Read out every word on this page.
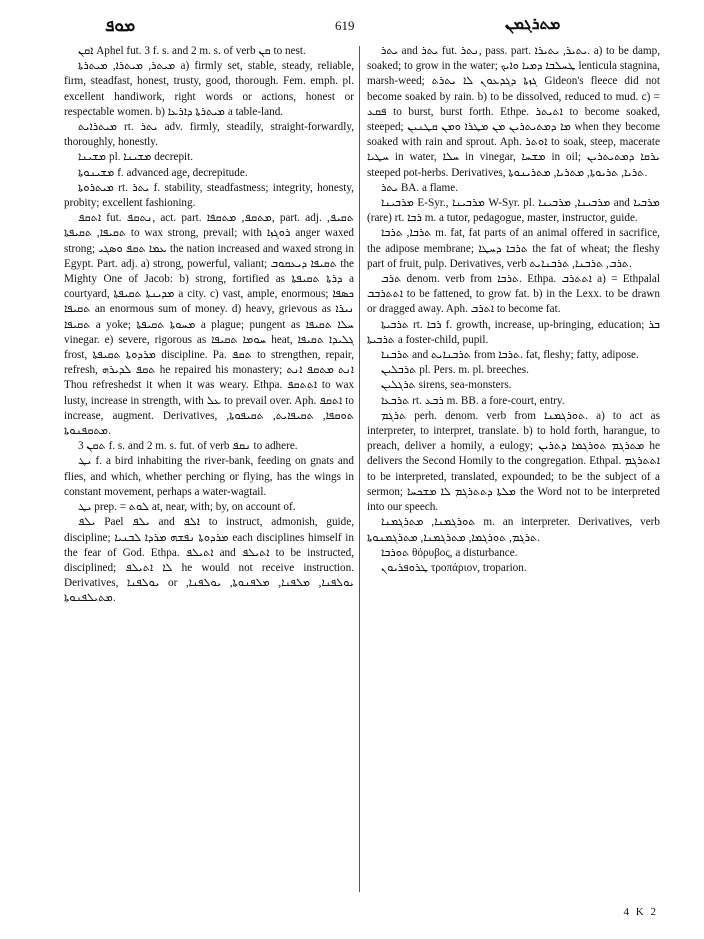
ܡܘܦ	619	ܡܬܪܓܡܢ

ܐܩܢ Aphel fut. 3 f. s. and 2 m. s. of verb ܩܢ to nest.

ܡܝܬܪ, ܡܝܬܪܐ, ܡܝܬܪܬܐ a) firmly set, stable, steady, reliable, firm, steadfast, honest, trusty, good, thorough. Fem. emph. pl. excellent handiwork, right words or actions, honest or respectable women. b) ܡܝܬܪܬܐ ܕܐܪܥܐ a table-land.

ܡܝܬܪܐܝܬ rt. ܝܬܪ adv. firmly, steadily, straight-forwardly, thoroughly, honestly.

ܡܫܝܢܐ pl. ܡܫܝܢܐ decrepit.

ܡܫܝܢܘܬܐ f. advanced age, decrepitude.

ܡܝܬܪܘܬܐ rt. ܝܬܪ f. stability, steadfastness; integrity, honesty, probity; excellent fashioning.

ܐܬܩܦ fut. ܢܬܩܦ, act. part. ܡܬܩܦ, ܡܬܩܦܐ, part. adj. ܬܩܝܦ, ܬܩܝܦܐ, ܬܩܝܦܬܐ to wax strong, prevail; with ܪܘܓܙܐ anger waxed strong; ܥܡܐ ܬܩܦ ܘܣܓܝ the nation increased and waxed strong in Egypt. Part. adj. a) strong, powerful, valiant; ܬܩܝܦܐ ܕܝܥܩܘܒ the Mighty One of Jacob: b) strong, fortified as ܕܪܬܐ ܬܩܝܦܬܐ a courtyard, ܡܕܝܢܬܐ ܬܩܝܦܬܐ a city. c) vast, ample, enormous; ܟܣܦܐ ܬܩܝܦܐ an enormous sum of money. d) heavy, grievous as ܢܝܪܐ ܬܩܝܦܐ a yoke; ܡܚܘܬܐ ܬܩܝܦܬܐ a plague; pungent as ܚܠܐ ܬܩܝܦܐ vinegar. e) severe, rigorous as ܚܘܡܐ ܬܩܝܦܐ heat, ܓܠܝܕܐ ܬܩܝܦܐ frost, ܡܪܕܘܬܐ ܬܩܝܦܬܐ discipline. Pa. ܬܩܦ to strengthen, repair, refresh, ܬܩܦ ܠܕܝܪܗ he repaired his monastery; ܐܢܬ ܡܬܩܦ ܐܢܬ Thou refreshedst it when it was weary. Ethpa. ܐܬܬܩܦ to wax lusty, increase in strength, with ܥܠ to prevail over. Aph. ܐܬܩܦ to increase, augment. Derivatives, ܬܘܩܦܐ, ܬܩܝܦܐܝܬ, ܬܩܝܦܘܬܐ, ܡܬܩܦܢܘܬܐ.

ܬܩܢ 3 f. s. and 2 m. s. fut. of verb ܢܩܦ to adhere.

ܝܛ f. a bird inhabiting the river-bank, feeding on gnats and flies, and which, whether perching or flying, has the wings in constant movement, perhaps a water-wagtail.

ܝܛ prep. = ܠܘܬ at, near, with; by, on account of.

ܝܠܦ Pael ܝܠܦ and ܐܠܦ to instruct, admonish, guide, discipline; ܡܪܕܘܬܐ ܢܦܫܗ ܡܪܕܐ ܠܒܢܝܐ each disciplines himself in the fear of God. Ethpa. ܐܬܝܠܦ and ܐܬܝܠܦ to be instructed, disciplined; ܠܐ ܐܬܝܠܦ he would not receive instruction. Derivatives, ܝܘܠܦܢܐ or ܝܘܠܦܢܐ, ܡܠܦܢܐ, ܡܠܦܢܘܬܐ, ܝܘܠܦܢܐ, ܡܬܝܠܦܢܘܬܐ.

ܝܬܪ and ܝܬܪ fut. ܢܬܪ, pass. part. ܝܬܝܪ, ܝܬܝܪܐ. a) to be damp, soaked; to grow in the water; ܛܚܠܒܐ ܕܡܝܐ ܘܐܝܟ lenticula stagnina, marsh-weed; ܓܙܬܐ ܕܓܕܥܘܢ ܠܐ ܝܬܪܬ Gideon's fleece did not become soaked by rain. b) to be dissolved, reduced to mud. c) = ܦܩܥ to burst, burst forth. Ethpe. ܐܬܝܬܪ to become soaked, steeped; ܡܐ ܕܡܬܝܬܪܝܢ ܡܢ ܡܛܪܐ ܘܡܢ ܩܛܢܝܢ when they become soaked with rain and sprout. Aph. ܐܘܬܪ to soak, steep, macerate ܚܛܝܐ in water, ܚܠܐ in vinegar, ܡܫܚܐ in oil; ܝܪܩܐ ܕܡܬܝܬܪܝܢ steeped pot-herbs. Derivatives, ܬܪܝܐ, ܬܪܝܘܬܐ, ܡܬܪܝܐ, ܡܬܪܝܢܘܬܐ.

ܝܬܪ BA. a flame.

ܡܪܒܝܢܐ E-Syr., ܡܪܒܝܢܐ W-Syr. pl. ܡܪܒܝܢܐ, ܡܪܒܝܢܐ and ܡܪܒܝܐ (rare) rt. ܪܒܐ m. a tutor, pedagogue, master, instructor, guide.

ܬܪܒܐ, ܬܪܒܐ m. fat, fat parts of an animal offered in sacrifice, the adipose membrane; ܬܪܒܐ ܕܚܛܐ the fat of wheat; the fleshy part of fruit, pulp. Derivatives, verb ܬܪܒ, ܬܪܒܢܐ, ܬܪܒܢܐܝܬ.

ܬܪܒ denom. verb from ܬܪܒܐ. Ethpa. ܐܬܬܪܒ a) = Ethpalal ܐܬܬܪܒܒ to be fattened, to grow fat. b) in the Lexx. to be drawn or dragged away. Aph. ܐܬܪܒ to become fat.

ܬܪܒܝܬܐ rt. ܪܒܐ f. growth, increase, up-bringing, education; ܒܪ ܬܪܒܝܬܐ a foster-child, pupil.

ܬܪܒܢܐ and ܬܪܒܢܐܝܬ from ܬܪܒܐ. fat, fleshy; fatty, adipose.

ܬܪܒܠܝܢ pl. Pers. m. pl. breeches.

ܬܪܓܠܝܢ sirens, sea-monsters.

ܬܪܒܥܐ rt. ܪܒܥ m. BB. a fore-court, entry.

ܬܪܓܡ perh. denom. verb from ܬܘܪܓܡܢܐ. a) to act as interpreter, to interpret, translate. b) to hold forth, harangue, to preach, deliver a homily, a eulogy; ܡܬܪܓܡ ܬܘܪܓܡܐ ܕܬܪܝܢ he delivers the Second Homily to the congregation. Ethpal. ܐܬܬܪܓܡ to be interpreted, translated, expounded; to be the subject of a sermon; ܡܠܬܐ ܕܬܬܪܓܡ ܠܐ ܡܫܟܚܐ the Word not to be interpreted into our speech.

ܬܘܪܓܡܢܐ, ܡܬܪܓܡܢܐ m. an interpreter. Derivatives, verb ܬܪܓܡ, ܬܘܪܓܡܐ, ܡܬܪܓܡܢܐ, ܡܬܪܓܡܢܘܬܐ.

ܬܘܪܒܐ θόρυβος, a disturbance.

ܛܪܘܦܪܝܘܢ τροπάριον, troparion.

4 K 2
